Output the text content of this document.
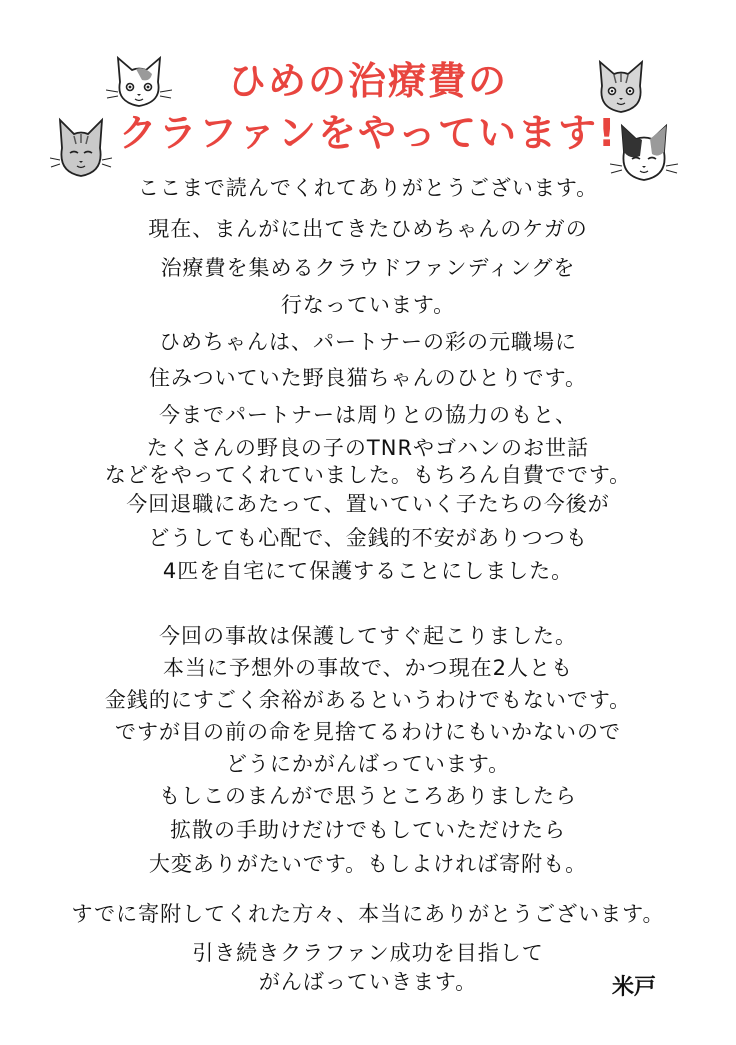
ひめの治療費の
クラファンをやっています!
ここまで読んでくれてありがとうございます。
現在、まんがに出てきたひめちゃんのケガの
治療費を集めるクラウドファンディングを
行なっています。
ひめちゃんは、パートナーの彩の元職場に
住みついていた野良猫ちゃんのひとりです。
今までパートナーは周りとの協力のもと、
たくさんの野良の子のTNRやゴハンのお世話
などをやってくれていました。もちろん自費でです。
今回退職にあたって、置いていく子たちの今後が
どうしても心配で、金銭的不安がありつつも
4匹を自宅にて保護することにしました。
今回の事故は保護してすぐ起こりました。
本当に予想外の事故で、かつ現在2人とも
金銭的にすごく余裕があるというわけでもないです。
ですが目の前の命を見捨てるわけにもいかないので
どうにかがんばっています。
もしこのまんがで思うところありましたら
拡散の手助けだけでもしていただけたら
大変ありがたいです。もしよければ寄附も。
すでに寄附してくれた方々、本当にありがとうございます。
引き続きクラファン成功を目指して
がんばっていきます。	米戸
